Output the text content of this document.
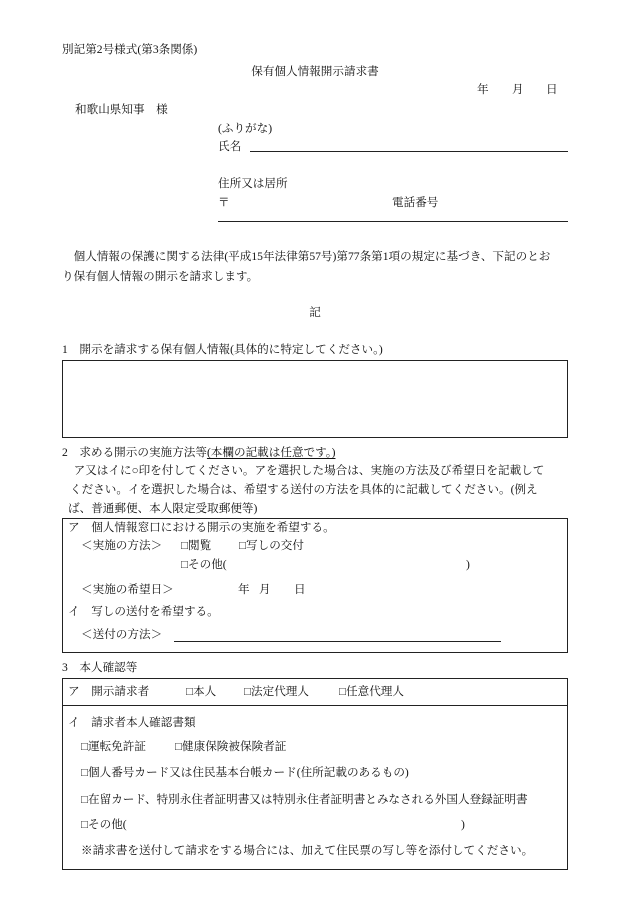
別記第2号様式(第3条関係)
保有個人情報開示請求書
年 月 日
和歌山県知事　様
(ふりがな)
氏名
住所又は居所
〒	電話番号
　個人情報の保護に関する法律(平成15年法律第57号)第77条第1項の規定に基づき、下記のとお
り保有個人情報の開示を請求します。
記
1　開示を請求する保有個人情報(具体的に特定してください。)
2　求める開示の実施方法等(本欄の記載は任意です。)
　ア又はイに○印を付してください。アを選択した場合は、実施の方法及び希望日を記載して
ください。イを選択した場合は、希望する送付の方法を具体的に記載してください。(例え
ば、普通郵便、本人限定受取郵便等)
ア　個人情報窓口における開示の実施を希望する。
＜実施の方法＞ □閲覧 □写しの交付
□その他(	)
＜実施の希望日＞	年 月 日
イ　写しの送付を希望する。
＜送付の方法＞
3　本人確認等
ア　開示請求者	□本人 □法定代理人	□任意代理人
イ　請求者本人確認書類
□運転免許証	□健康保険被保険者証
□個人番号カード又は住民基本台帳カード(住所記載のあるもの)
□在留カード、特別永住者証明書又は特別永住者証明書とみなされる外国人登録証明書
□その他(	)
※請求書を送付して請求をする場合には、加えて住民票の写し等を添付してください。
